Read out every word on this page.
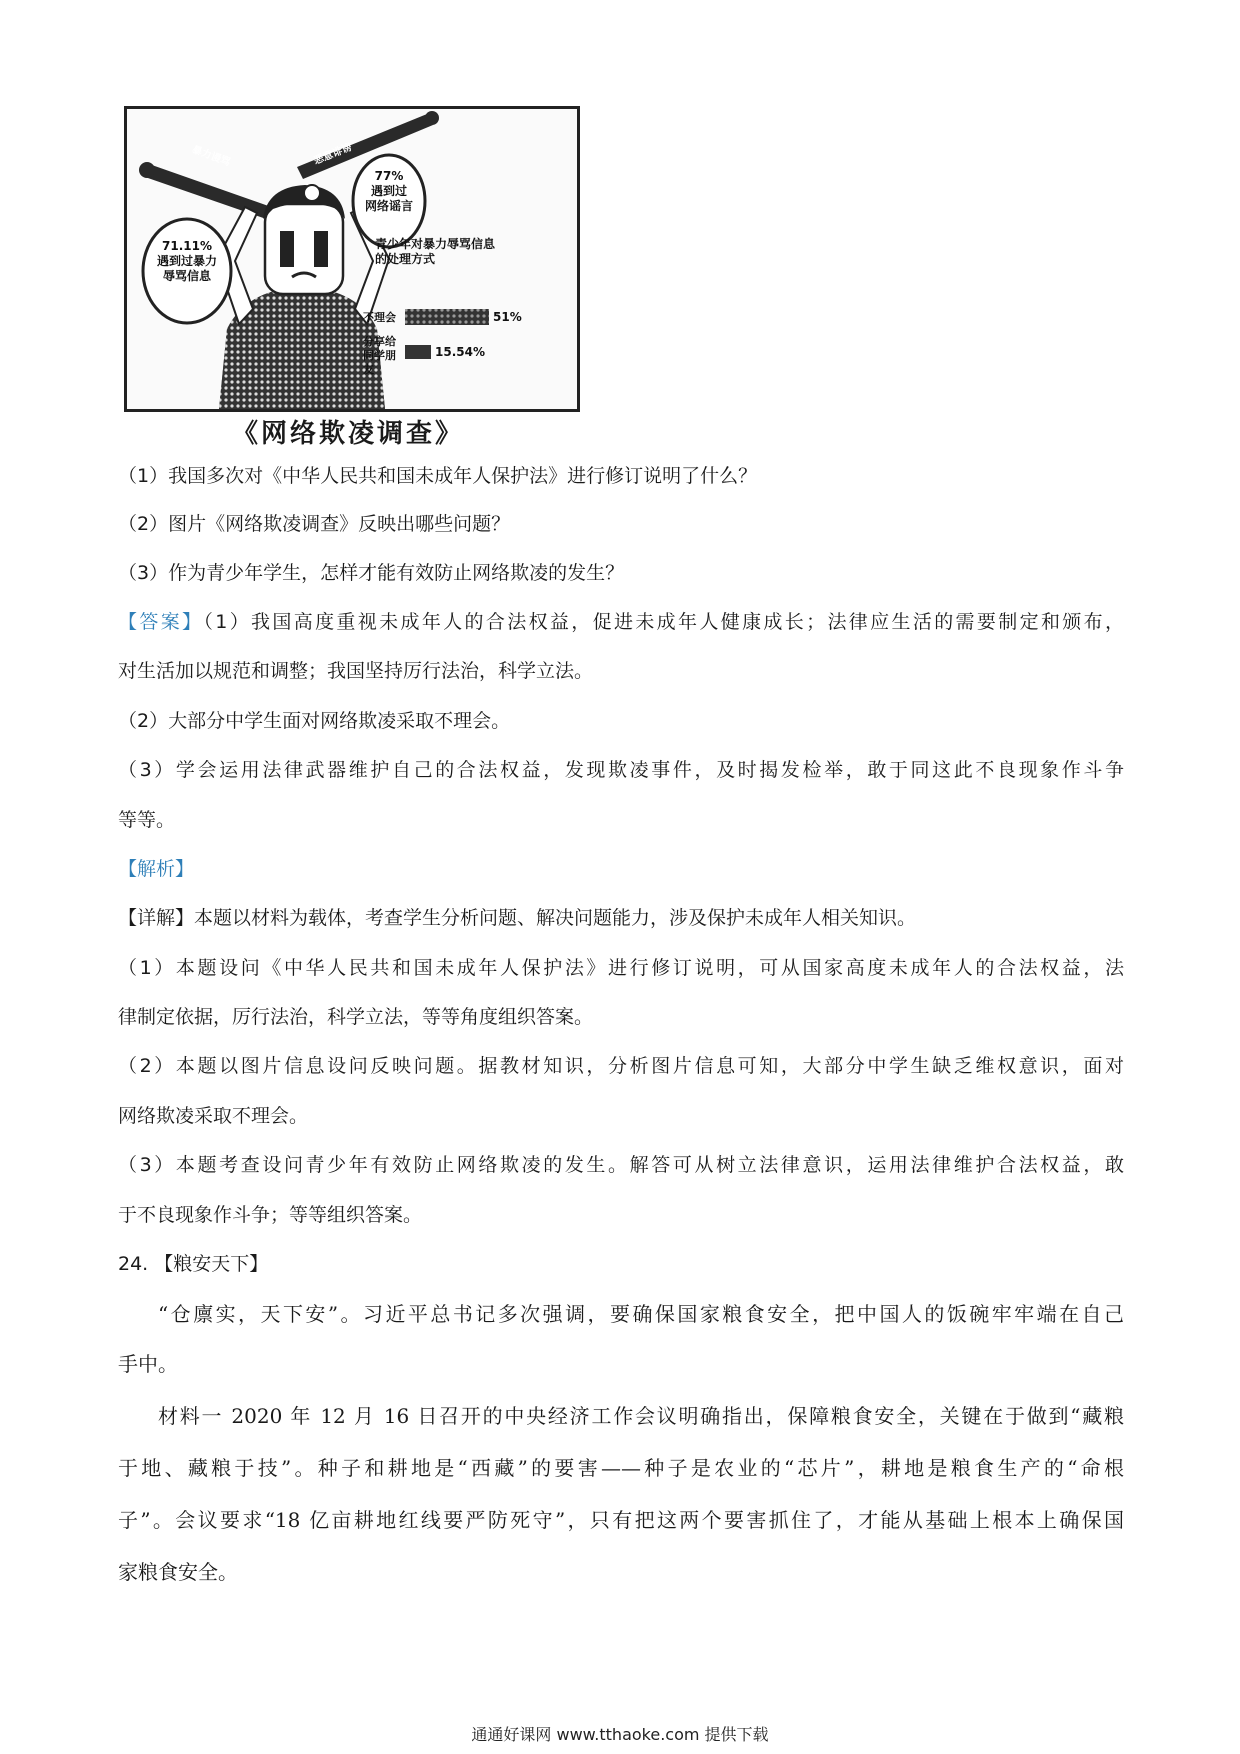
暴力谩骂	恶意诽谤
77%
遇到过
网络谣言
71.11%
遇到过暴力
辱骂信息
青少年对暴力辱骂信息
的处理方式
不理会	51%
分享给
同学朋友
15.54%
《网络欺凌调查》
（1）我国多次对《中华人民共和国未成年人保护法》进行修订说明了什么？
（2）图片《网络欺凌调查》反映出哪些问题？
（3）作为青少年学生，怎样才能有效防止网络欺凌的发生？
【答案】（1）我国高度重视未成年人的合法权益，促进未成年人健康成长；法律应生活的需要制定和颁布，
对生活加以规范和调整；我国坚持厉行法治，科学立法。
（2）大部分中学生面对网络欺凌采取不理会。
（3）学会运用法律武器维护自己的合法权益，发现欺凌事件，及时揭发检举，敢于同这此不良现象作斗争
等等。
【解析】
【详解】本题以材料为载体，考查学生分析问题、解决问题能力，涉及保护未成年人相关知识。
（1）本题设问《中华人民共和国未成年人保护法》进行修订说明，可从国家高度未成年人的合法权益，法
律制定依据，厉行法治，科学立法，等等角度组织答案。
（2）本题以图片信息设问反映问题。据教材知识，分析图片信息可知，大部分中学生缺乏维权意识，面对
网络欺凌采取不理会。
（3）本题考查设问青少年有效防止网络欺凌的发生。解答可从树立法律意识，运用法律维护合法权益，敢
于不良现象作斗争；等等组织答案。
24. 【粮安天下】
“仓廪实，天下安”。习近平总书记多次强调，要确保国家粮食安全，把中国人的饭碗牢牢端在自己
手中。
材料一 2020 年 12 月 16 日召开的中央经济工作会议明确指出，保障粮食安全，关键在于做到“藏粮
于地、藏粮于技”。种子和耕地是“西藏”的要害——种子是农业的“芯片”，耕地是粮食生产的“命根
子”。会议要求“18 亿亩耕地红线要严防死守”，只有把这两个要害抓住了，才能从基础上根本上确保国
家粮食安全。
通通好课网 www.tthaoke.com 提供下载
